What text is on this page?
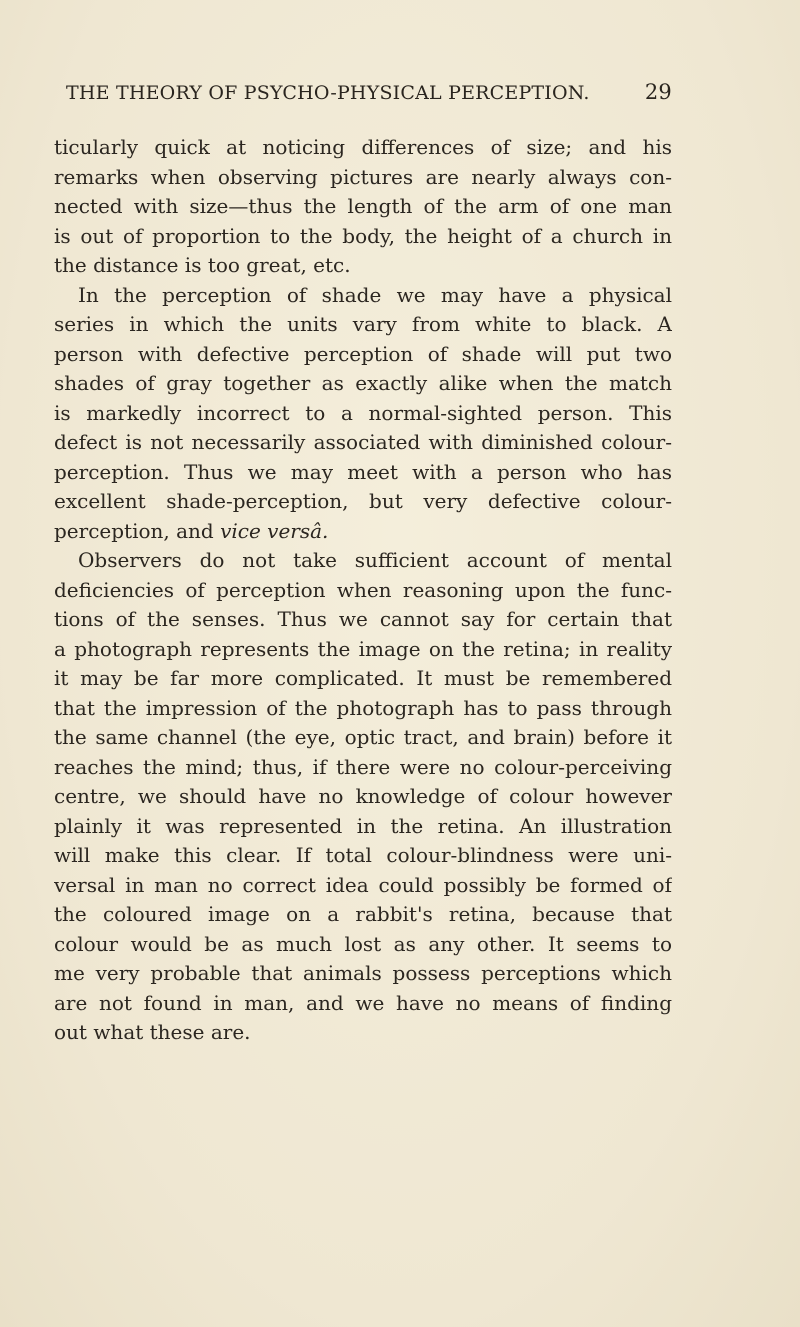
THE THEORY OF PSYCHO-PHYSICAL PERCEPTION.	29
ticularly quick at noticing differences of size; and his
remarks when observing pictures are nearly always con-
nected with size—thus the length of the arm of one man
is out of proportion to the body, the height of a church in
the distance is too great, etc.
In the perception of shade we may have a physical
series in which the units vary from white to black. A
person with defective perception of shade will put two
shades of gray together as exactly alike when the match
is markedly incorrect to a normal-sighted person. This
defect is not necessarily associated with diminished colour-
perception. Thus we may meet with a person who has
excellent shade-perception, but very defective colour-
perception, and vice versâ.
Observers do not take sufficient account of mental
deficiencies of perception when reasoning upon the func-
tions of the senses. Thus we cannot say for certain that
a photograph represents the image on the retina; in reality
it may be far more complicated. It must be remembered
that the impression of the photograph has to pass through
the same channel (the eye, optic tract, and brain) before it
reaches the mind; thus, if there were no colour-perceiving
centre, we should have no knowledge of colour however
plainly it was represented in the retina. An illustration
will make this clear. If total colour-blindness were uni-
versal in man no correct idea could possibly be formed of
the coloured image on a rabbit's retina, because that
colour would be as much lost as any other. It seems to
me very probable that animals possess perceptions which
are not found in man, and we have no means of finding
out what these are.
